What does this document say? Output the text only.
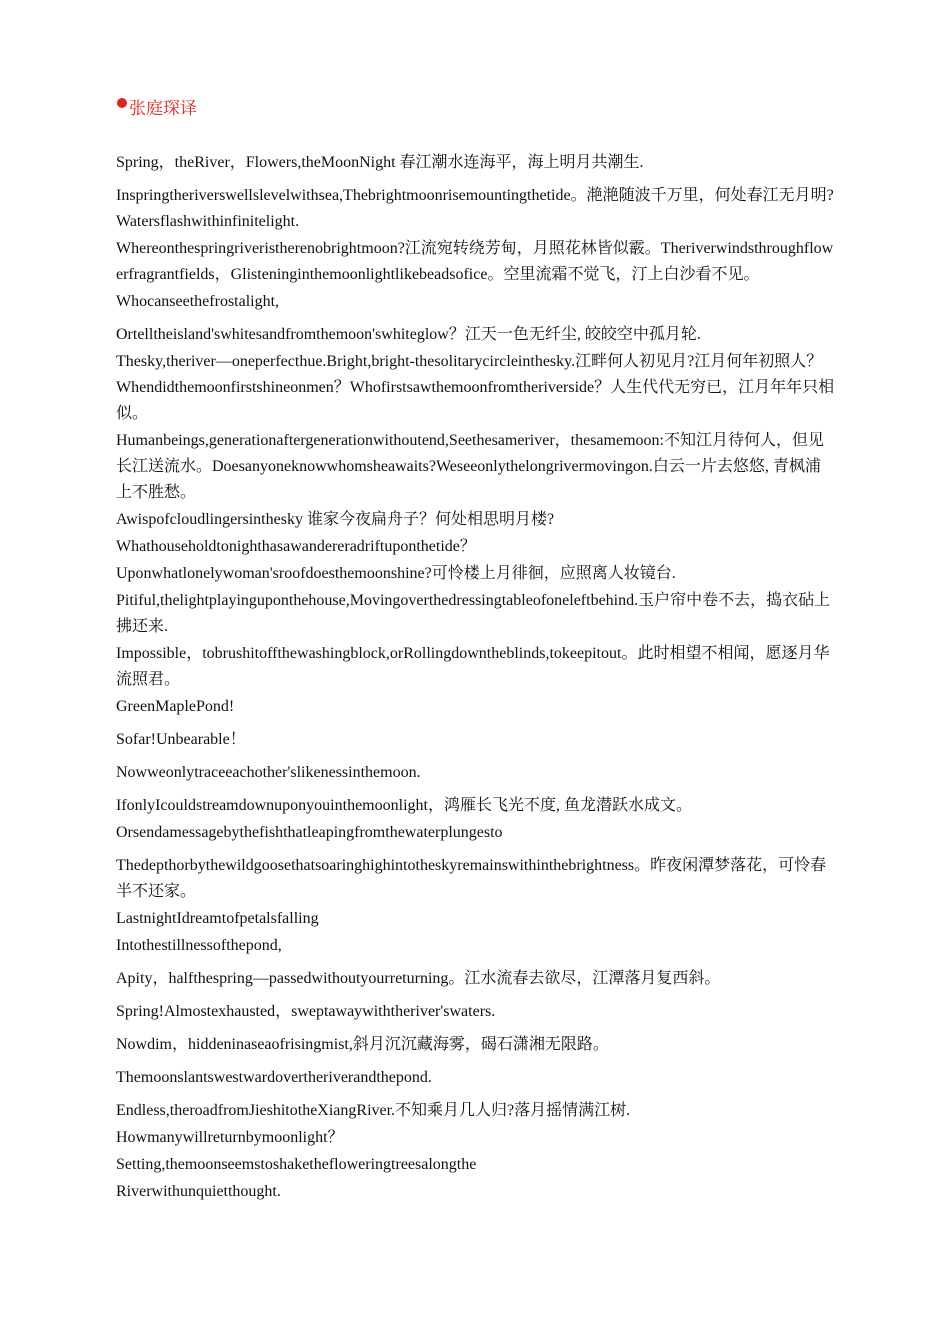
张庭琛译
Spring，theRiver，Flowers,theMoonNight 春江潮水连海平，海上明月共潮生.
Inspringtheriverswellslevelwithsea,Thebrightmoonrisemountingthetide。滟滟随波千万里，何处春江无月明?Watersflashwithinfinitelight.
Whereonthespringriveristherenobrightmoon?江流宛转绕芳甸，月照花林皆似霰。Theriverwindsthroughflowerfragrantfields，Glisteninginthemoonlightlikebeadsofice。空里流霜不觉飞，汀上白沙看不见。
Whocanseethefrostalight,
Ortelltheisland'swhitesandfromthemoon'swhiteglow？江天一色无纤尘, 皎皎空中孤月轮.
Thesky,theriver—oneperfecthue.Bright,bright-thesolitarycircleinthesky.江畔何人初见月?江月何年初照人？Whendidthemoonfirstshineonmen？Whofirstsawthemoonfromtheriverside？人生代代无穷已，江月年年只相似。
Humanbeings,generationaftergenerationwithoutend,Seethesameriver，thesamemoon:不知江月待何人，但见长江送流水。Doesanyoneknowwhomsheawaits?Weseeonlythelongrivermovingon.白云一片去悠悠, 青枫浦上不胜愁。
Awispofcloudlingersinthesky 谁家今夜扁舟子？何处相思明月楼?
Whathouseholdtonighthasawandereradriftuponthetide？
Uponwhatlonelywoman'sroofdoesthemoonshine?可怜楼上月徘徊，应照离人妆镜台.
Pitiful,thelightplayinguponthehouse,Movingoverthedressingtableofoneleftbehind.玉户帘中卷不去，捣衣砧上拂还来.
Impossible，tobrushitoffthewashingblock,orRollingdowntheblinds,tokeepitout。此时相望不相闻，愿逐月华流照君。
GreenMaplePond!
Sofar!Unbearable！
Nowweonlytraceeachother'slikenessinthemoon.
IfonlyIcouldstreamdownuponyouinthemoonlight，鸿雁长飞光不度, 鱼龙潜跃水成文。
Orsendamessagebythefishthatleapingfromthewaterplungesto
Thedepthorbythewildgoosethatsoaringhighintotheskyremainswithinthebrightness。昨夜闲潭梦落花，可怜春半不还家。
LastnightIdreamtofpetalsfalling
Intothestillnessofthepond,
Apity，halfthespring—passedwithoutyourreturning。江水流春去欲尽，江潭落月复西斜。
Spring!Almostexhausted，sweptawaywiththeriver'swaters.
Nowdim，hiddeninaseaofrisingmist,斜月沉沉藏海雾，碣石潇湘无限路。
Themoonslantswestwardovertheriverandthepond.
Endless,theroadfromJieshitotheXiangRiver.不知乘月几人归?落月摇情满江树.
Howmanywillreturnbymoonlight？
Setting,themoonseemstoshakethefloweringtreesalongthe
Riverwithunquietthought.
